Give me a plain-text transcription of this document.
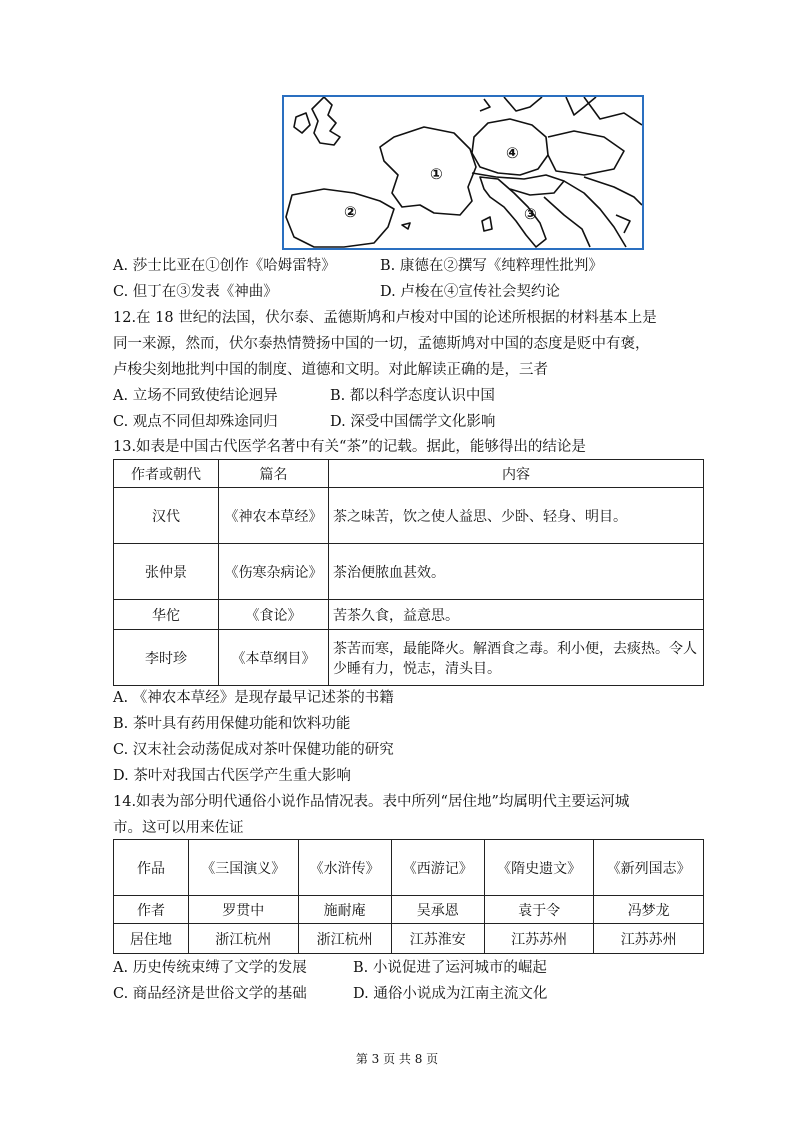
①
②	③
④
A. 莎士比亚在①创作《哈姆雷特》	B. 康德在②撰写《纯粹理性批判》
C. 但丁在③发表《神曲》	D. 卢梭在④宣传社会契约论
12.在 18 世纪的法国，伏尔泰、孟德斯鸠和卢梭对中国的论述所根据的材料基本上是
同一来源，然而，伏尔泰热情赞扬中国的一切，孟德斯鸠对中国的态度是贬中有褒，
卢梭尖刻地批判中国的制度、道德和文明。对此解读正确的是，三者
A. 立场不同致使结论迥异	B. 都以科学态度认识中国
C. 观点不同但却殊途同归	D. 深受中国儒学文化影响
13.如表是中国古代医学名著中有关“茶”的记载。据此，能够得出的结论是
作者或朝代	篇名	内容
汉代	《神农本草经》	茶之味苦，饮之使人益思、少卧、轻身、明目。
张仲景	《伤寒杂病论》	茶治便脓血甚效。
华佗	《食论》	苦茶久食，益意思。
李时珍	《本草纲目》	茶苦而寒，最能降火。解酒食之毒。利小便，去痰热。令人少睡有力，悦志，清头目。
A. 《神农本草经》是现存最早记述茶的书籍
B. 茶叶具有药用保健功能和饮料功能
C. 汉末社会动荡促成对茶叶保健功能的研究
D. 茶叶对我国古代医学产生重大影响
14.如表为部分明代通俗小说作品情况表。表中所列“居住地”均属明代主要运河城
市。这可以用来佐证
作品	《三国演义》	《水浒传》	《西游记》	《隋史遗文》	《新列国志》
作者	罗贯中	施耐庵	吴承恩	袁于令	冯梦龙
居住地	浙江杭州	浙江杭州	江苏淮安	江苏苏州	江苏苏州
A. 历史传统束缚了文学的发展	B. 小说促进了运河城市的崛起
C. 商品经济是世俗文学的基础	D. 通俗小说成为江南主流文化
第 3 页 共 8 页
